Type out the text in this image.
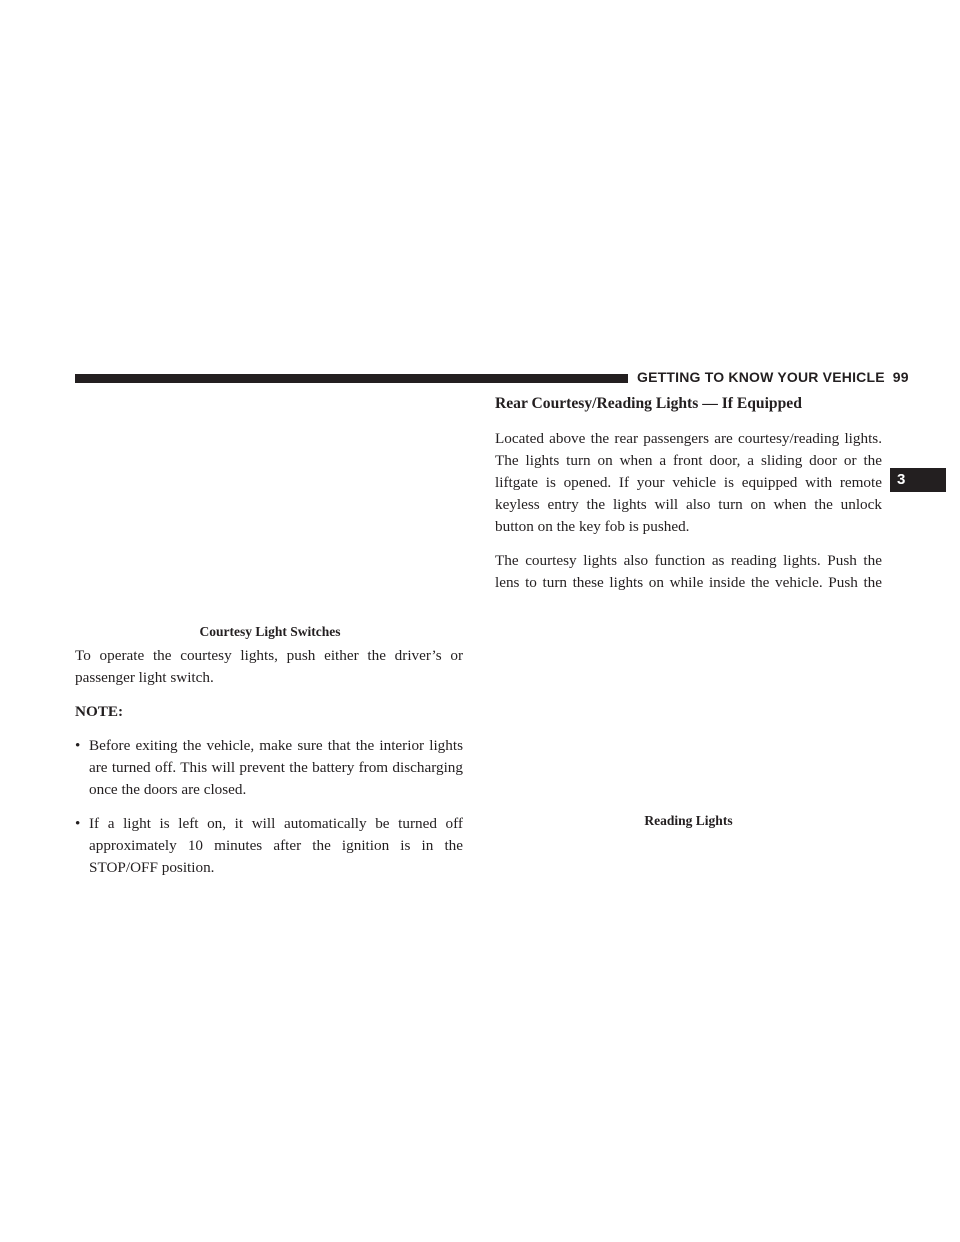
GETTING TO KNOW YOUR VEHICLE 99
3
Courtesy Light Switches

To operate the courtesy lights, push either the driver’s or passenger light switch.

NOTE:

• Before exiting the vehicle, make sure that the interior lights are turned off. This will prevent the battery from discharging once the doors are closed.
• If a light is left on, it will automatically be turned off approximately 10 minutes after the ignition is in the STOP/OFF position.
Rear Courtesy/Reading Lights — If Equipped

Located above the rear passengers are courtesy/reading lights. The lights turn on when a front door, a sliding door or the liftgate is opened. If your vehicle is equipped with remote keyless entry the lights will also turn on when the unlock button on the key fob is pushed.

The courtesy lights also function as reading lights. Push the lens to turn these lights on while inside the vehicle. Push the

Reading Lights
